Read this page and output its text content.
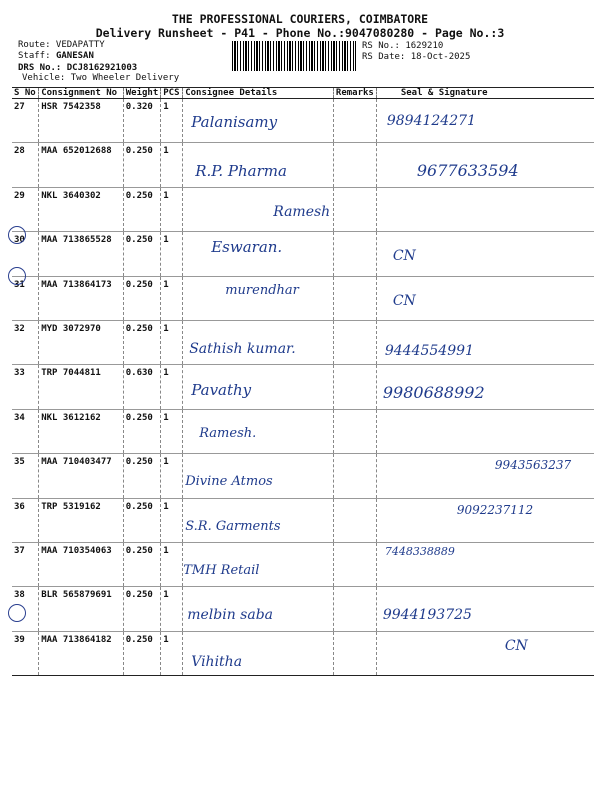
THE PROFESSIONAL COURIERS, COIMBATORE
Delivery Runsheet - P41 - Phone No.:9047080280 - Page No.:3
Route: VEDAPATTY
Staff: GANESAN
DRS No.: DCJ8162921003
Vehicle: Two Wheeler Delivery
RS No.: 1629210
RS Date: 18-Oct-2025
S No	Consignment No	Weight	PCS	Consignee Details	Remarks	Seal & Signature
27	HSR 7542358	0.320	1	Palanisamy		9894124271

28	MAA 652012688	0.250	1	R.P. Pharma		9677633594

29	NKL 3640302	0.250	1	Ramesh		

30	MAA 713865528	0.250	1	Eswaran.		CN

31	MAA 713864173	0.250	1	murendhar		CN

32	MYD 3072970	0.250	1	Sathish kumar.		9444554991

33	TRP 7044811	0.630	1	Pavathy		9980688992

34	NKL 3612162	0.250	1	Ramesh.		

35	MAA 710403477	0.250	1	Divine Atmos		9943563237

36	TRP 5319162	0.250	1	S.R. Garments		9092237112

37	MAA 710354063	0.250	1	TMH Retail		7448338889

38	BLR 565879691	0.250	1	melbin saba		9944193725

39	MAA 713864182	0.250	1	Vihitha		CN
